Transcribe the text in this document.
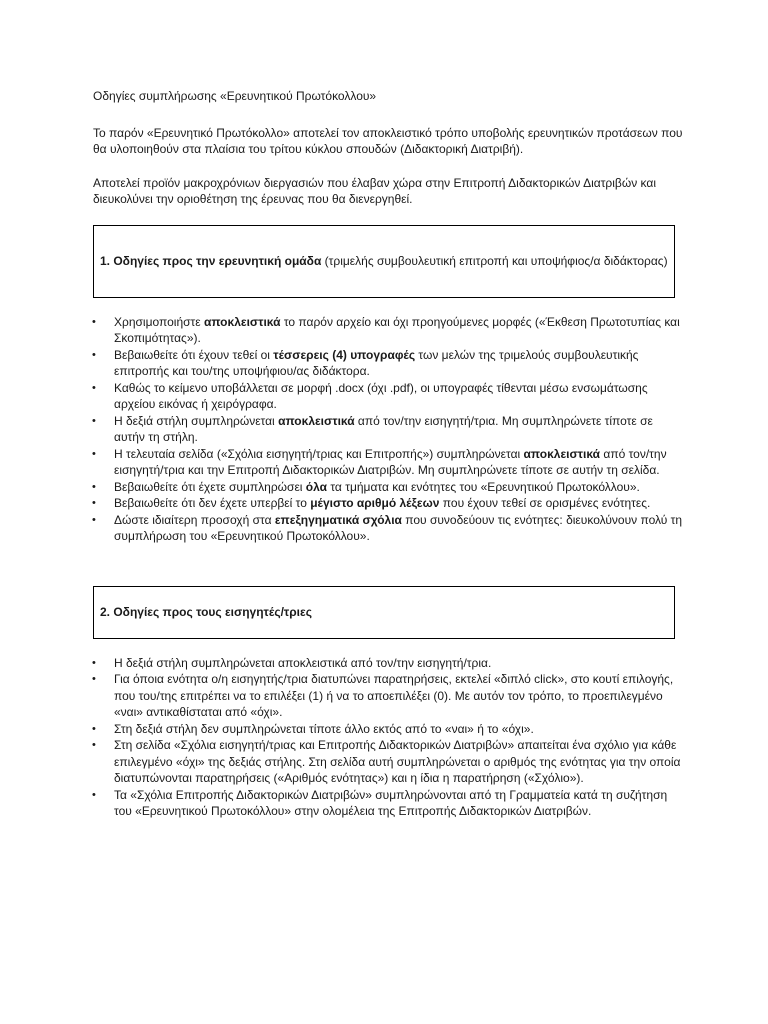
Οδηγίες συμπλήρωσης «Ερευνητικού Πρωτόκολλου»

Το παρόν «Ερευνητικό Πρωτόκολλο» αποτελεί τον αποκλειστικό τρόπο υποβολής ερευνητικών προτάσεων που θα υλοποιηθούν στα πλαίσια του τρίτου κύκλου σπουδών (Διδακτορική Διατριβή).

Αποτελεί προϊόν μακροχρόνιων διεργασιών που έλαβαν χώρα στην Επιτροπή Διδακτορικών Διατριβών και διευκολύνει την οριοθέτηση της έρευνας που θα διενεργηθεί.

1. Οδηγίες προς την ερευνητική ομάδα (τριμελής συμβουλευτική επιτροπή και υποψήφιος/α διδάκτορας)

• Χρησιμοποιήστε αποκλειστικά το παρόν αρχείο και όχι προηγούμενες μορφές («Έκθεση Πρωτοτυπίας και Σκοπιμότητας»).
• Βεβαιωθείτε ότι έχουν τεθεί οι τέσσερεις (4) υπογραφές των μελών της τριμελούς συμβουλευτικής επιτροπής και του/της υποψήφιου/ας διδάκτορα.
• Καθώς το κείμενο υποβάλλεται σε μορφή .docx (όχι .pdf), οι υπογραφές τίθενται μέσω ενσωμάτωσης αρχείου εικόνας ή χειρόγραφα.
• Η δεξιά στήλη συμπληρώνεται αποκλειστικά από τον/την εισηγητή/τρια. Μη συμπληρώνετε τίποτε σε αυτήν τη στήλη.
• Η τελευταία σελίδα («Σχόλια εισηγητή/τριας και Επιτροπής») συμπληρώνεται αποκλειστικά από τον/την εισηγητή/τρια και την Επιτροπή Διδακτορικών Διατριβών. Μη συμπληρώνετε τίποτε σε αυτήν τη σελίδα.
• Βεβαιωθείτε ότι έχετε συμπληρώσει όλα τα τμήματα και ενότητες του «Ερευνητικού Πρωτοκόλλου».
• Βεβαιωθείτε ότι δεν έχετε υπερβεί το μέγιστο αριθμό λέξεων που έχουν τεθεί σε ορισμένες ενότητες.
• Δώστε ιδιαίτερη προσοχή στα επεξηγηματικά σχόλια που συνοδεύουν τις ενότητες: διευκολύνουν πολύ τη συμπλήρωση του «Ερευνητικού Πρωτοκόλλου».

2. Οδηγίες προς τους εισηγητές/τριες

• Η δεξιά στήλη συμπληρώνεται αποκλειστικά από τον/την εισηγητή/τρια.
• Για όποια ενότητα ο/η εισηγητής/τρια διατυπώνει παρατηρήσεις, εκτελεί «διπλό click», στο κουτί επιλογής, που του/της επιτρέπει να το επιλέξει (1) ή να το αποεπιλέξει (0). Με αυτόν τον τρόπο, το προεπιλεγμένο «ναι» αντικαθίσταται από «όχι».
• Στη δεξιά στήλη δεν συμπληρώνεται τίποτε άλλο εκτός από το «ναι» ή το «όχι».
• Στη σελίδα «Σχόλια εισηγητή/τριας και Επιτροπής Διδακτορικών Διατριβών» απαιτείται ένα σχόλιο για κάθε επιλεγμένο «όχι» της δεξιάς στήλης. Στη σελίδα αυτή συμπληρώνεται ο αριθμός της ενότητας για την οποία διατυπώνονται παρατηρήσεις («Αριθμός ενότητας») και η ίδια η παρατήρηση («Σχόλιο»).
• Τα «Σχόλια Επιτροπής Διδακτορικών Διατριβών» συμπληρώνονται από τη Γραμματεία κατά τη συζήτηση του «Ερευνητικού Πρωτοκόλλου» στην ολομέλεια της Επιτροπής Διδακτορικών Διατριβών.
